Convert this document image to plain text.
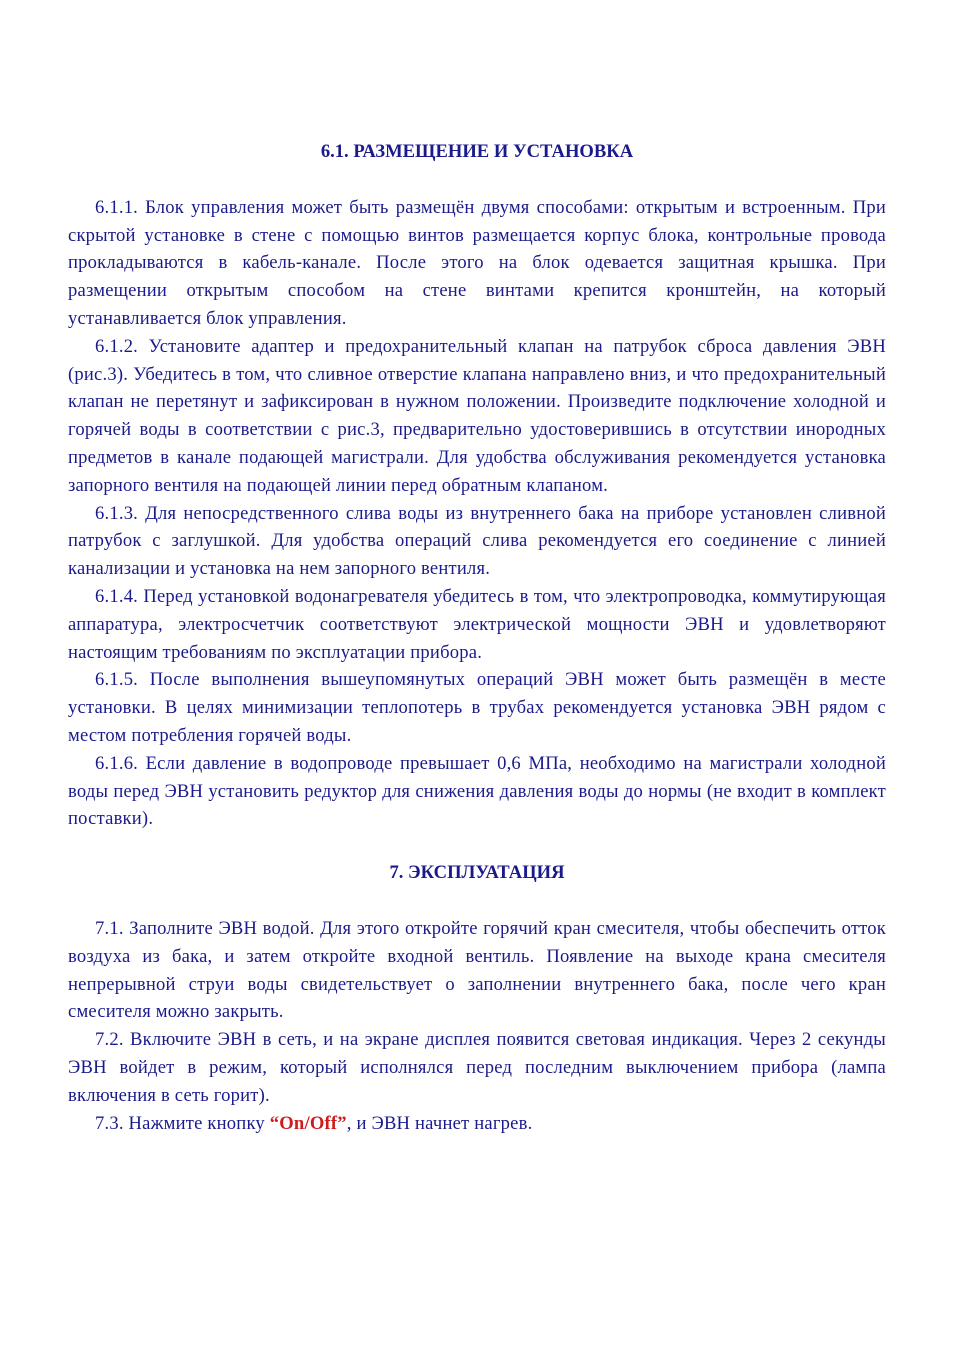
6.1. РАЗМЕЩЕНИЕ И УСТАНОВКА

6.1.1. Блок управления может быть размещён двумя способами: открытым и встроенным. При скрытой установке в стене с помощью винтов размещается корпус блока, контрольные провода прокладываются в кабель-канале. После этого на блок одевается защитная крышка. При размещении открытым способом на стене винтами крепится кронштейн, на который устанавливается блок управления.

6.1.2. Установите адаптер и предохранительный клапан на патрубок сброса давления ЭВН (рис.3). Убедитесь в том, что сливное отверстие клапана направлено вниз, и что предохранительный клапан не перетянут и зафиксирован в нужном положении. Произведите подключение холодной и горячей воды в соответствии с рис.3, предварительно удостоверившись в отсутствии инородных предметов в канале подающей магистрали. Для удобства обслуживания рекомендуется установка запорного вентиля на подающей линии перед обратным клапаном.

6.1.3. Для непосредственного слива воды из внутреннего бака на приборе установлен сливной патрубок с заглушкой. Для удобства операций слива рекомендуется его соединение с линией канализации и установка на нем запорного вентиля.

6.1.4. Перед установкой водонагревателя убедитесь в том, что электропроводка, коммутирующая аппаратура, электросчетчик соответствуют электрической мощности ЭВН и удовлетворяют настоящим требованиям по эксплуатации прибора.

6.1.5. После выполнения вышеупомянутых операций ЭВН может быть размещён в месте установки. В целях минимизации теплопотерь в трубах рекомендуется установка ЭВН рядом с местом потребления горячей воды.

6.1.6. Если давление в водопроводе превышает 0,6 МПа, необходимо на магистрали холодной воды перед ЭВН установить редуктор для снижения давления воды до нормы (не входит в комплект поставки).

7. ЭКСПЛУАТАЦИЯ

7.1. Заполните ЭВН водой. Для этого откройте горячий кран смесителя, чтобы обеспечить отток воздуха из бака, и затем откройте входной вентиль. Появление на выходе крана смесителя непрерывной струи воды свидетельствует о заполнении внутреннего бака, после чего кран смесителя можно закрыть.

7.2. Включите ЭВН в сеть, и на экране дисплея появится световая индикация. Через 2 секунды ЭВН войдет в режим, который исполнялся перед последним выключением прибора (лампа включения в сеть горит).

7.3. Нажмите кнопку “On/Off”, и ЭВН начнет нагрев.
